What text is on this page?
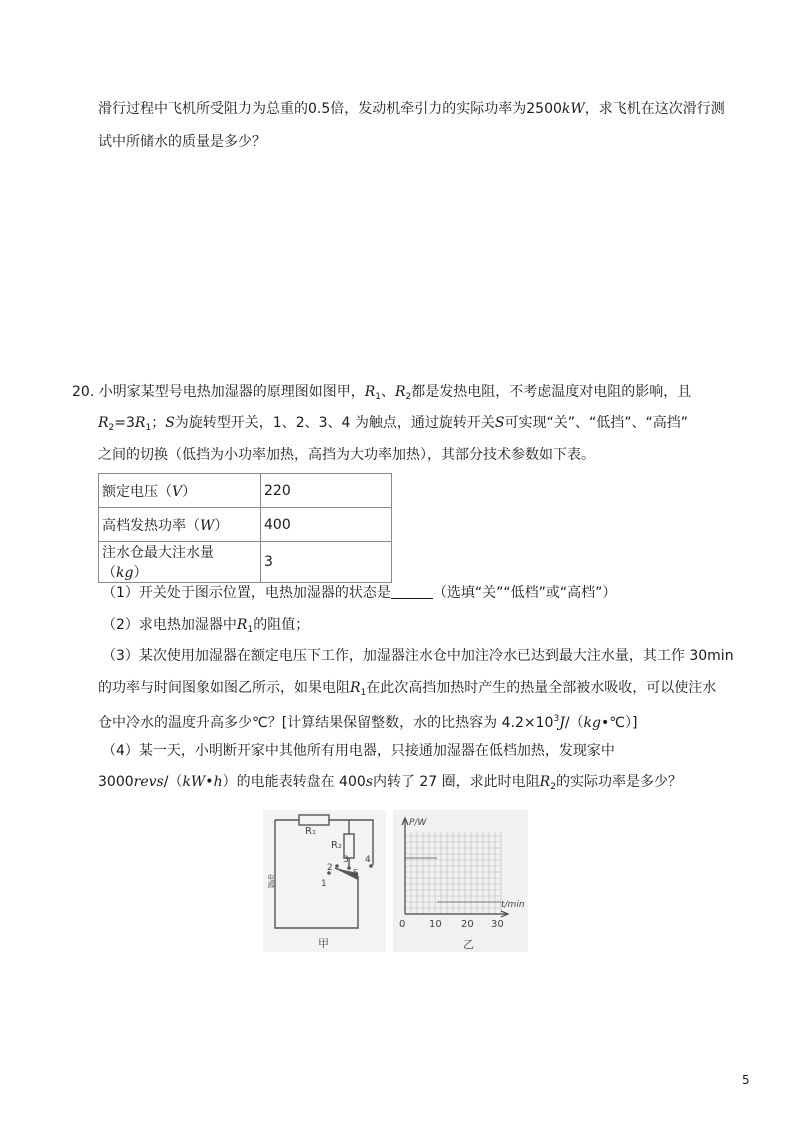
滑行过程中飞机所受阻力为总重的0.5倍，发动机牵引力的实际功率为2500kW，求飞机在这次滑行测
试中所储水的质量是多少？
20. 小明家某型号电热加湿器的原理图如图甲，$R_1$、$R_2$都是发热电阻，不考虑温度对电阻的影响，且
$R_2=3R_1$；S为旋转型开关，1、2、3、4 为触点，通过旋转开关S可实现“关”、“低挡”、“高挡”
之间的切换（低挡为小功率加热，高挡为大功率加热），其部分技术参数如下表。
额定电压（V）	220
高档发热功率（W）	400
注水仓最大注水量（kg）	3
（1）开关处于图示位置，电热加湿器的状态是	（选填“关”“低档”或“高档”）
（2）求电热加湿器中$R_1$的阻值；
（3）某次使用加湿器在额定电压下工作，加湿器注水仓中加注冷水已达到最大注水量，其工作 30min
的功率与时间图象如图乙所示，如果电阻$R_1$在此次高挡加热时产生的热量全部被水吸收，可以使注水
仓中冷水的温度升高多少℃？[计算结果保留整数，水的比热容为 $4.2\times 10^3J/(kg•℃)$]
（4）某一天，小明断开家中其他所有用电器，只接通加湿器在低档加热，发现家中
3000revs/（kW•h）的电能表转盘在 400s内转了 27 圈，求此时电阻$R_2$的实际功率是多少？
R₁
R₂
电源	1
2
3 4
S
甲
P/W
t/min
0 10 20 30
乙
5
